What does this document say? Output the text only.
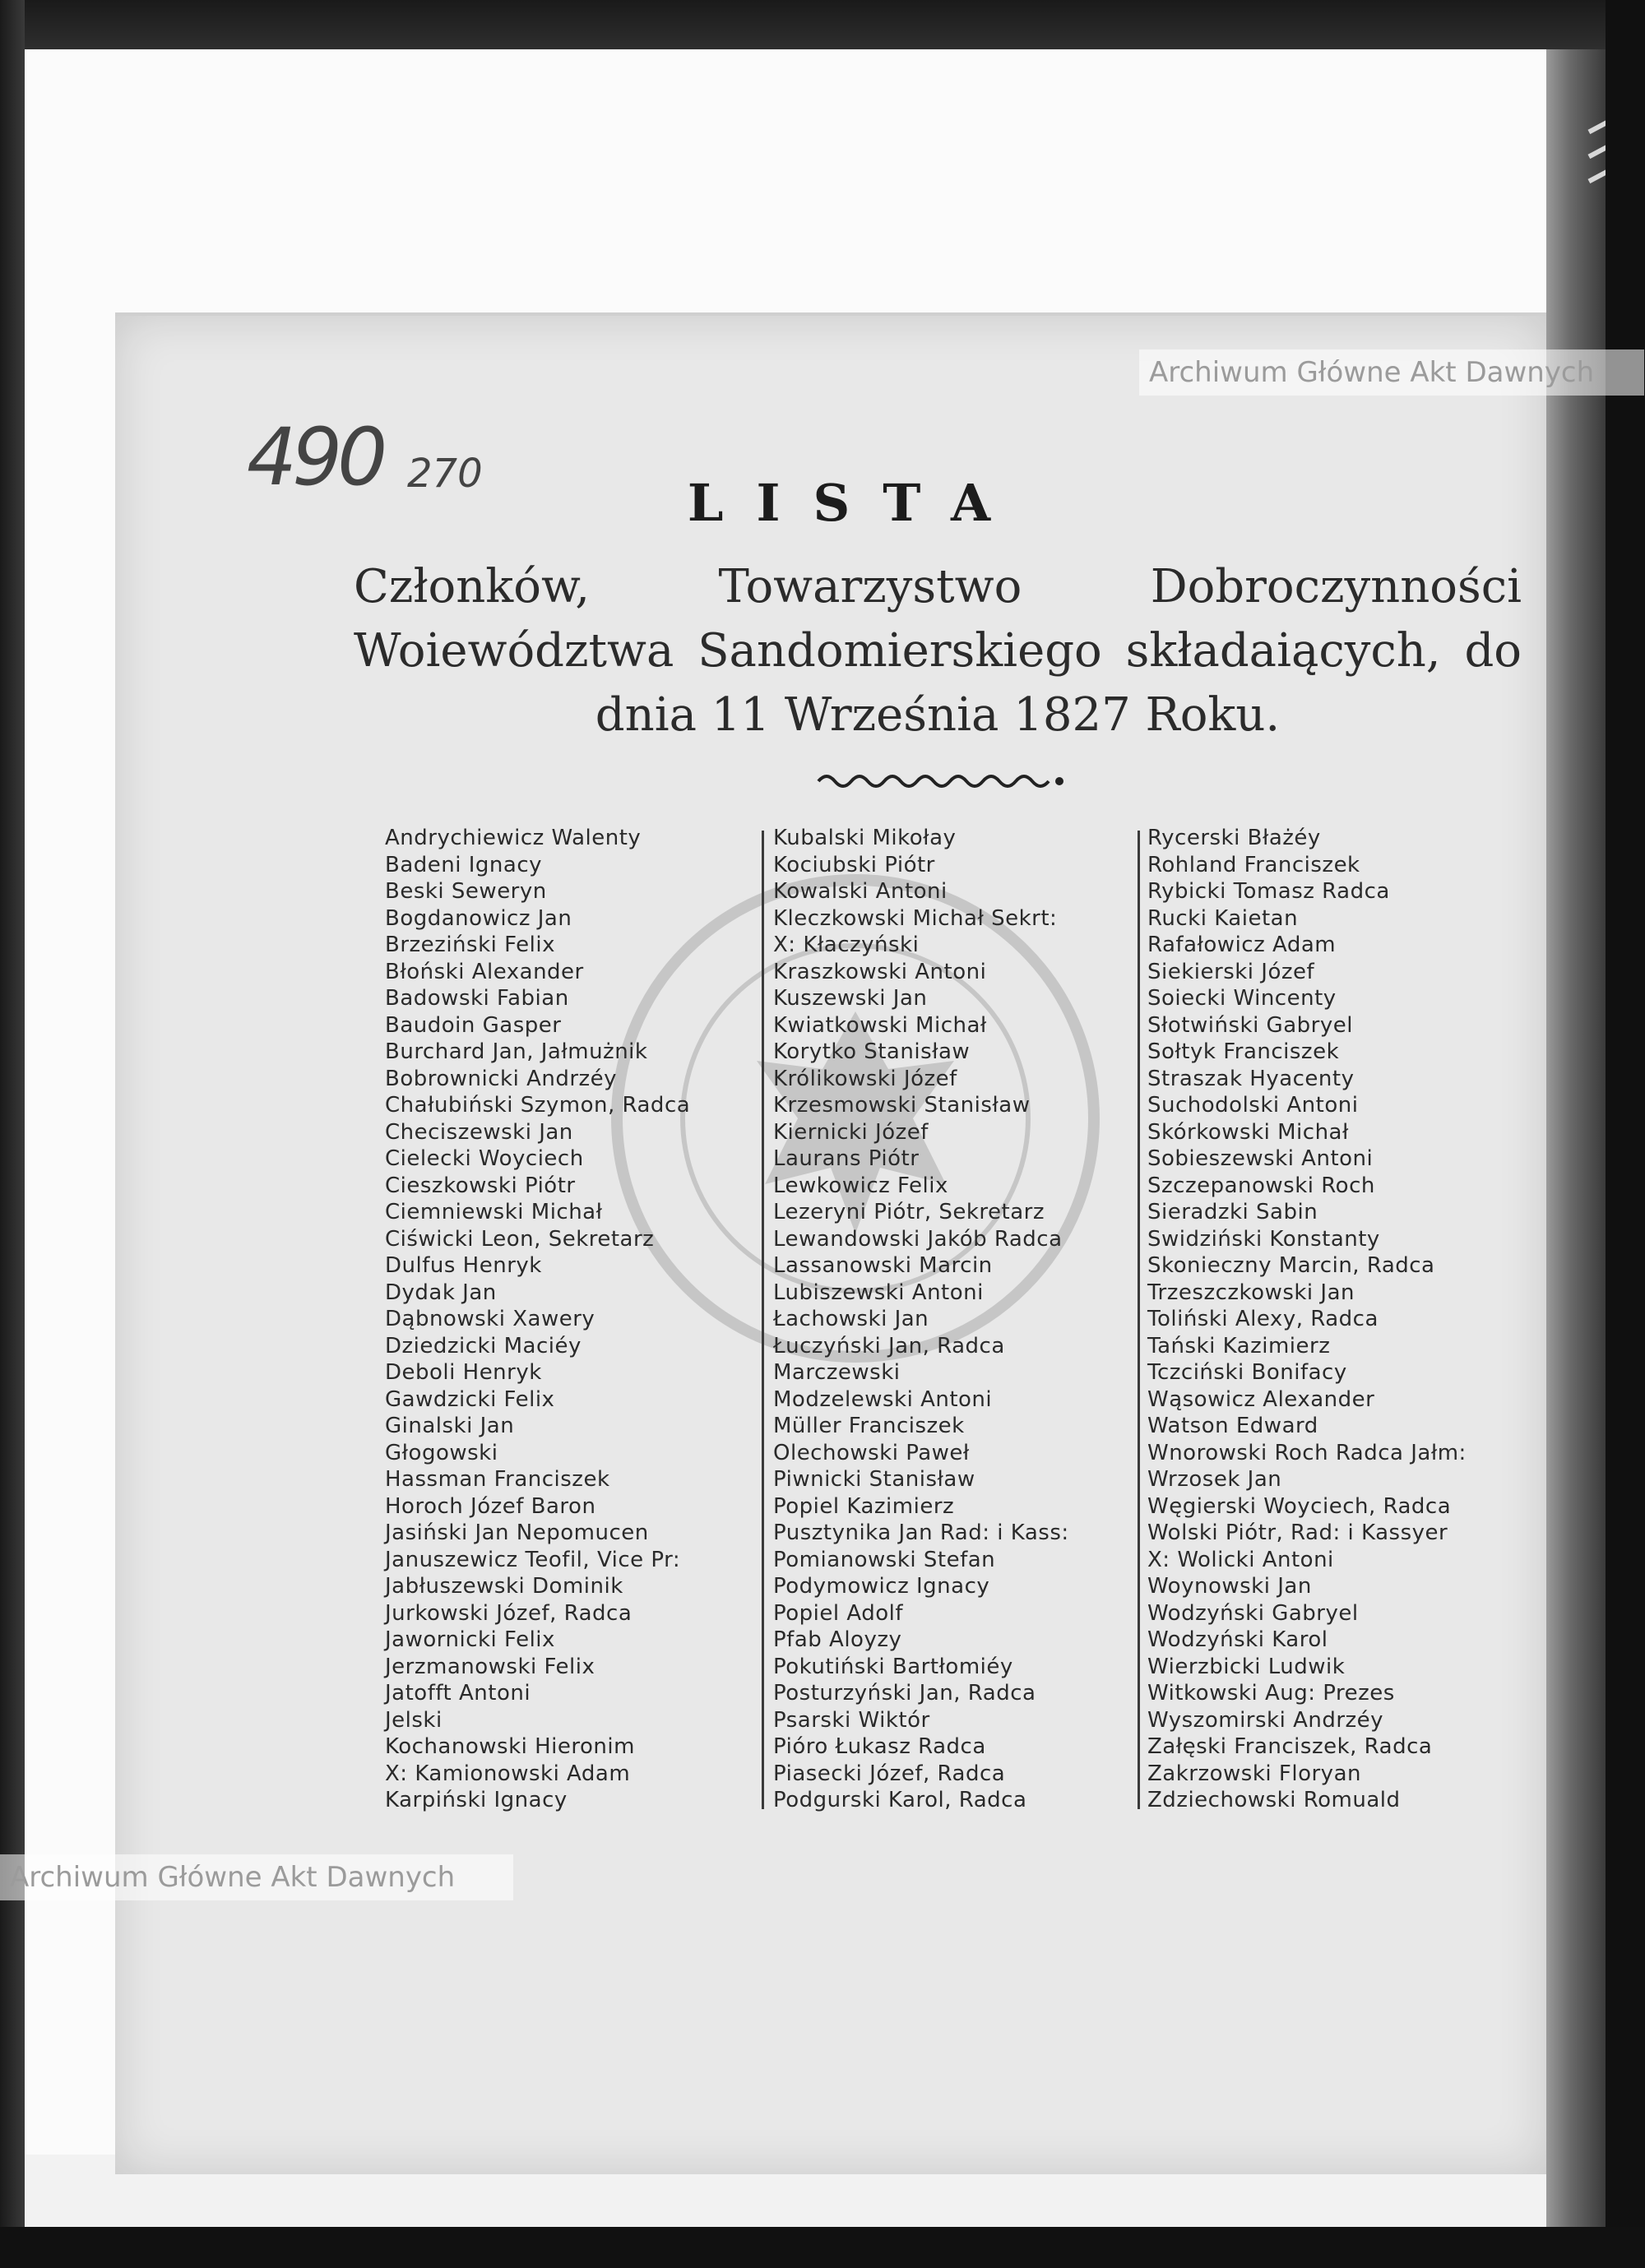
Archiwum Główne Akt Dawnych
Archiwum Główne Akt Dawnych
490 270	LISTA
Członków, Towarzystwo Dobroczynności Woiewództwa Sandomierskiego składaiących, do dnia 11 Września 1827 Roku.
Andrychiewicz Walenty
Badeni Ignacy
Beski Seweryn
Bogdanowicz Jan
Brzeziński Felix
Błoński Alexander
Badowski Fabian
Baudoin Gasper
Burchard Jan, Jałmużnik
Bobrownicki Andrzéy
Chałubiński Szymon, Radca
Checiszewski Jan
Cielecki Woyciech
Cieszkowski Piótr
Ciemniewski Michał
Ciświcki Leon, Sekretarz
Dulfus Henryk
Dydak Jan
Dąbnowski Xawery
Dziedzicki Maciéy
Deboli Henryk
Gawdzicki Felix
Ginalski Jan
Głogowski
Hassman Franciszek
Horoch Józef Baron
Jasiński Jan Nepomucen
Januszewicz Teofil, Vice Pr:
Jabłuszewski Dominik
Jurkowski Józef, Radca
Jawornicki Felix
Jerzmanowski Felix
Jatofft Antoni
Jelski
Kochanowski Hieronim
X: Kamionowski Adam
Karpiński Ignacy
Kubalski Mikołay
Kociubski Piótr
Kowalski Antoni
Kleczkowski Michał Sekrt:
X: Kłaczyński
Kraszkowski Antoni
Kuszewski Jan
Kwiatkowski Michał
Korytko Stanisław
Królikowski Józef
Krzesmowski Stanisław
Kiernicki Józef
Laurans Piótr
Lewkowicz Felix
Lezeryni Piótr, Sekretarz
Lewandowski Jakób Radca
Lassanowski Marcin
Lubiszewski Antoni
Łachowski Jan
Łuczyński Jan, Radca
Marczewski
Modzelewski Antoni
Müller Franciszek
Olechowski Paweł
Piwnicki Stanisław
Popiel Kazimierz
Pusztynika Jan Rad: i Kass:
Pomianowski Stefan
Podymowicz Ignacy
Popiel Adolf
Pfab Aloyzy
Pokutiński Bartłomiéy
Posturzyński Jan, Radca
Psarski Wiktór
Pióro Łukasz Radca
Piasecki Józef, Radca
Podgurski Karol, Radca
Rycerski Błażéy
Rohland Franciszek
Rybicki Tomasz Radca
Rucki Kaietan
Rafałowicz Adam
Siekierski Józef
Soiecki Wincenty
Słotwiński Gabryel
Sołtyk Franciszek
Straszak Hyacenty
Suchodolski Antoni
Skórkowski Michał
Sobieszewski Antoni
Szczepanowski Roch
Sieradzki Sabin
Swidziński Konstanty
Skonieczny Marcin, Radca
Trzeszczkowski Jan
Toliński Alexy, Radca
Tański Kazimierz
Tczciński Bonifacy
Wąsowicz Alexander
Watson Edward
Wnorowski Roch Radca Jałm:
Wrzosek Jan
Węgierski Woyciech, Radca
Wolski Piótr, Rad: i Kassyer
X: Wolicki Antoni
Woynowski Jan
Wodzyński Gabryel
Wodzyński Karol
Wierzbicki Ludwik
Witkowski Aug: Prezes
Wyszomirski Andrzéy
Załęski Franciszek, Radca
Zakrzowski Floryan
Zdziechowski Romuald
